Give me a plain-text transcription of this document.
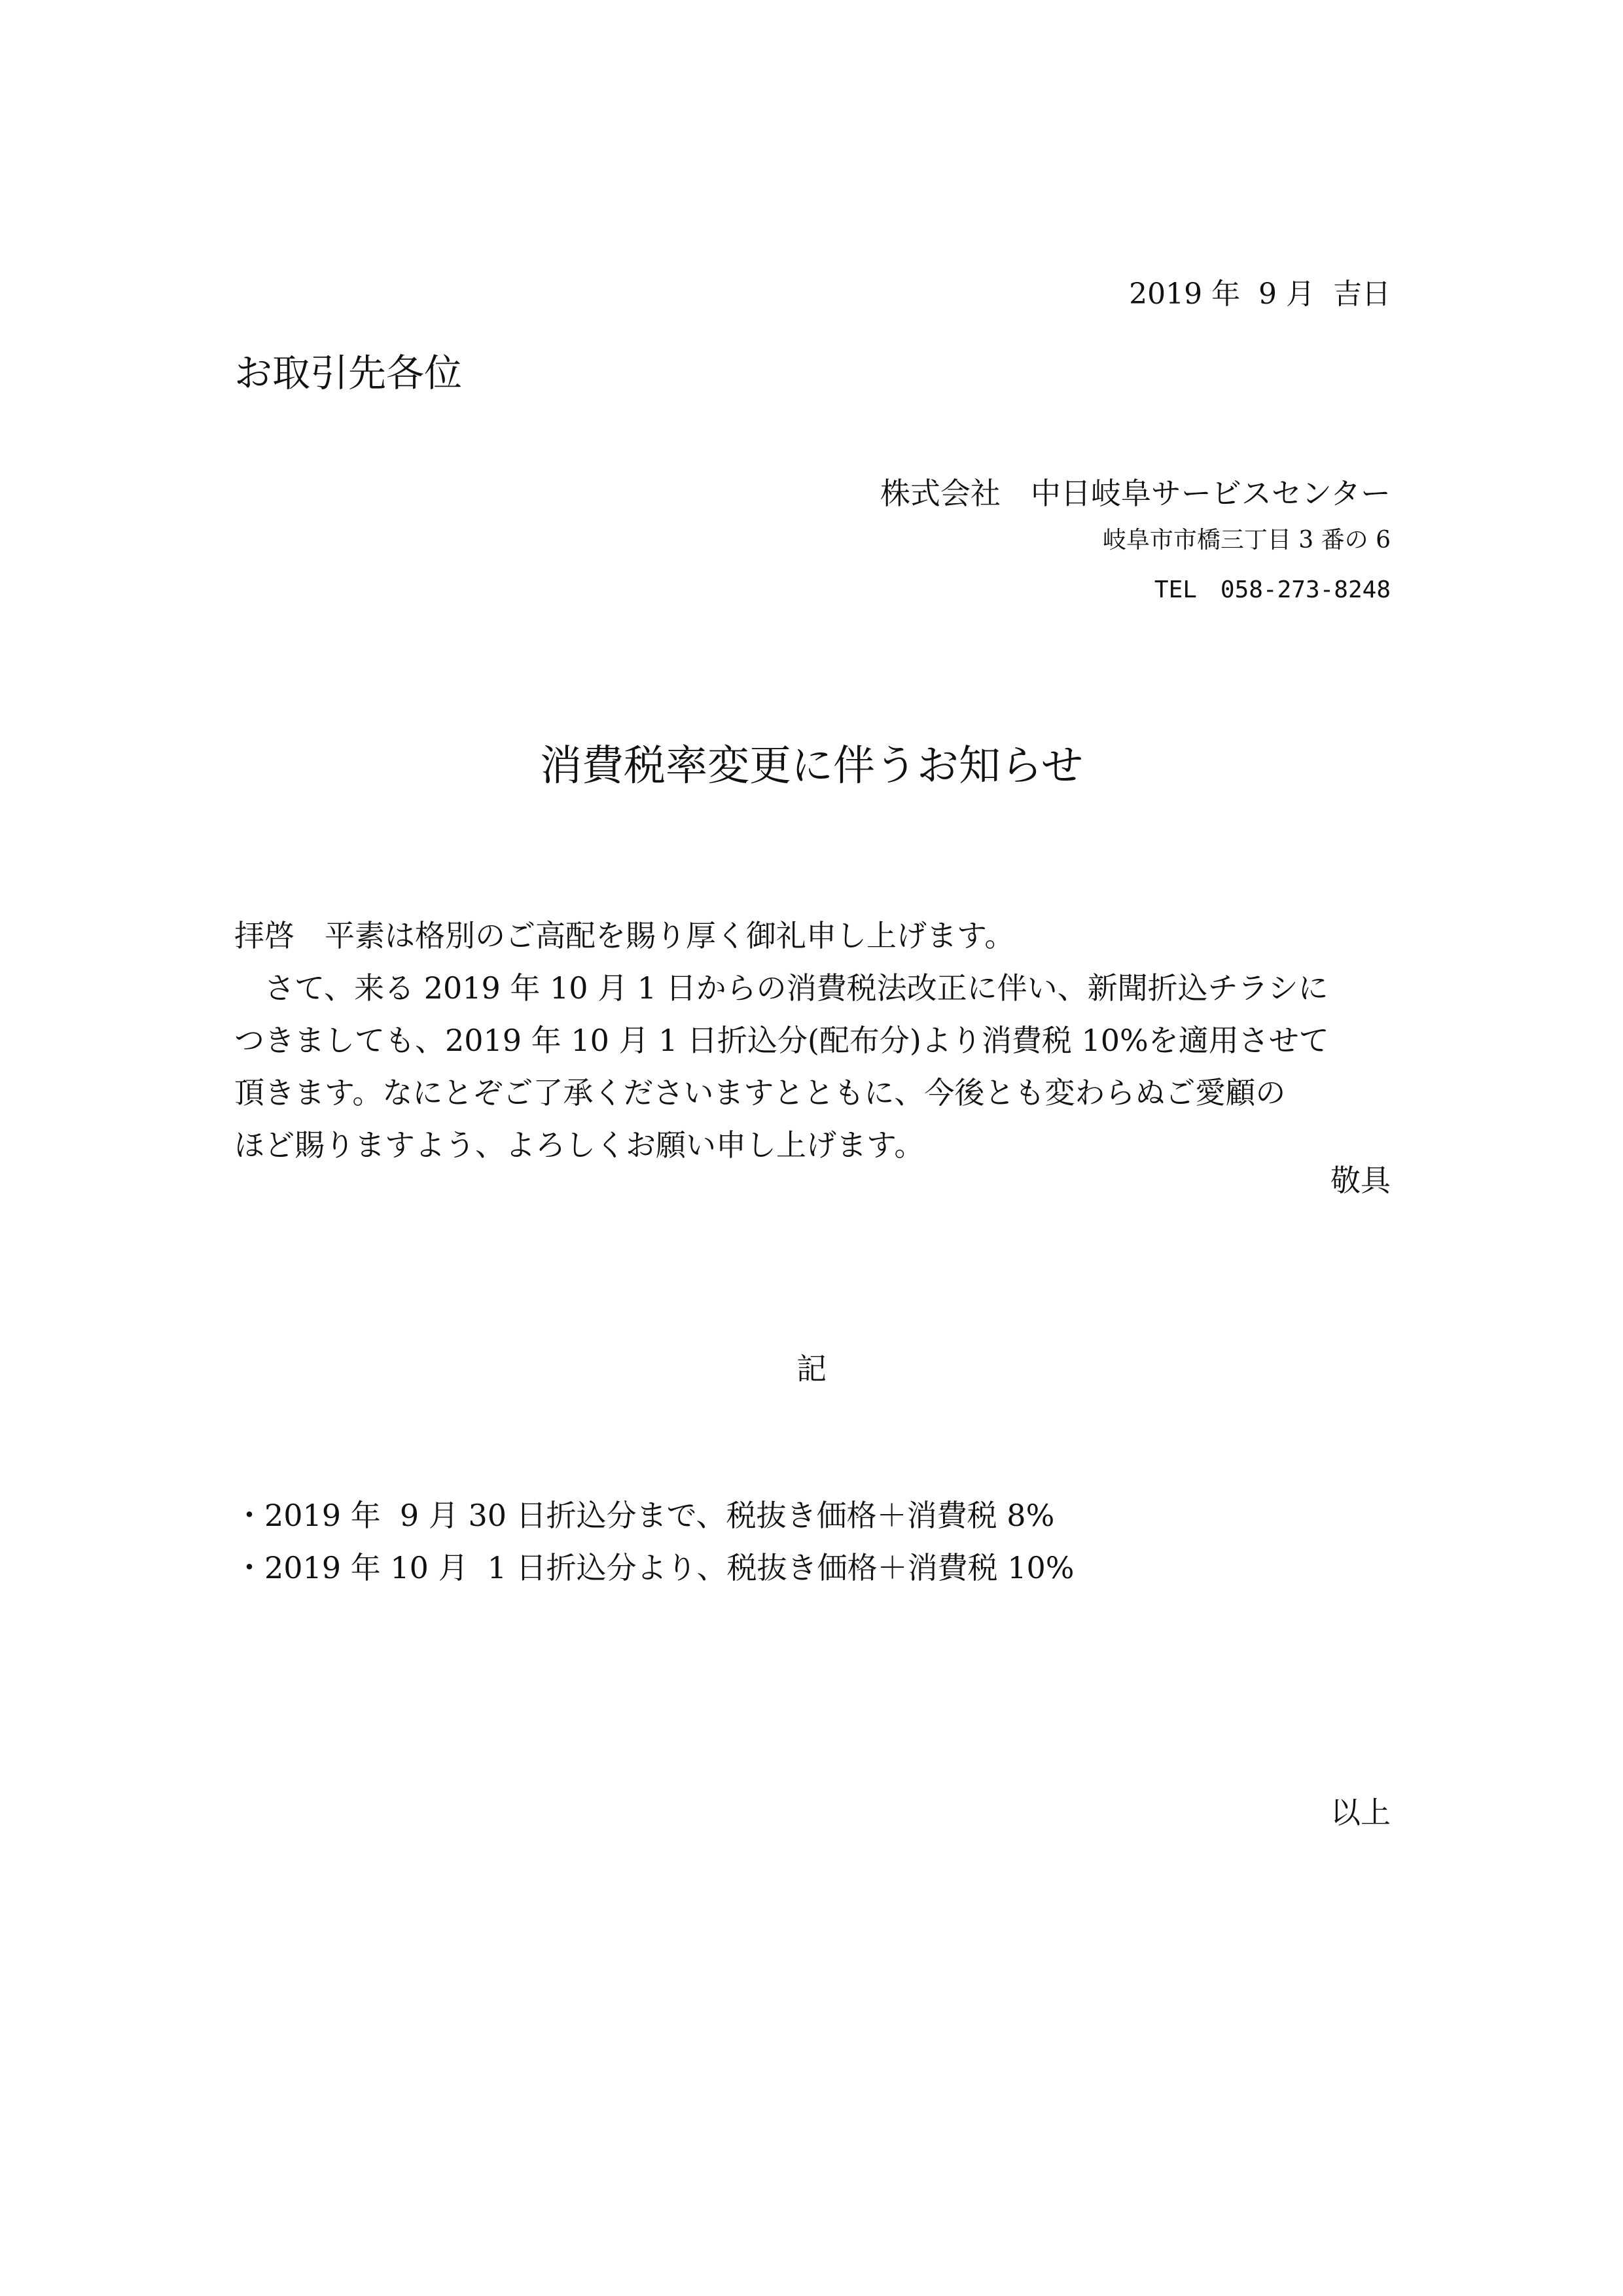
2019 年  9 月  吉日
お取引先各位
株式会社　中日岐阜サービスセンター
岐阜市市橋三丁目 3 番の 6
TEL　058-273-8248
消費税率変更に伴うお知らせ
拝啓　平素は格別のご高配を賜り厚く御礼申し上げます。
　さて、来る 2019 年 10 月 1 日からの消費税法改正に伴い、新聞折込チラシに
つきましても、2019 年 10 月 1 日折込分(配布分)より消費税 10%を適用させて
頂きます。なにとぞご了承くださいますとともに、今後とも変わらぬご愛顧の
ほど賜りますよう、よろしくお願い申し上げます。
敬具
記
・2019 年  9 月 30 日折込分まで、税抜き価格＋消費税 8%
・2019 年 10 月  1 日折込分より、税抜き価格＋消費税 10%
以上
